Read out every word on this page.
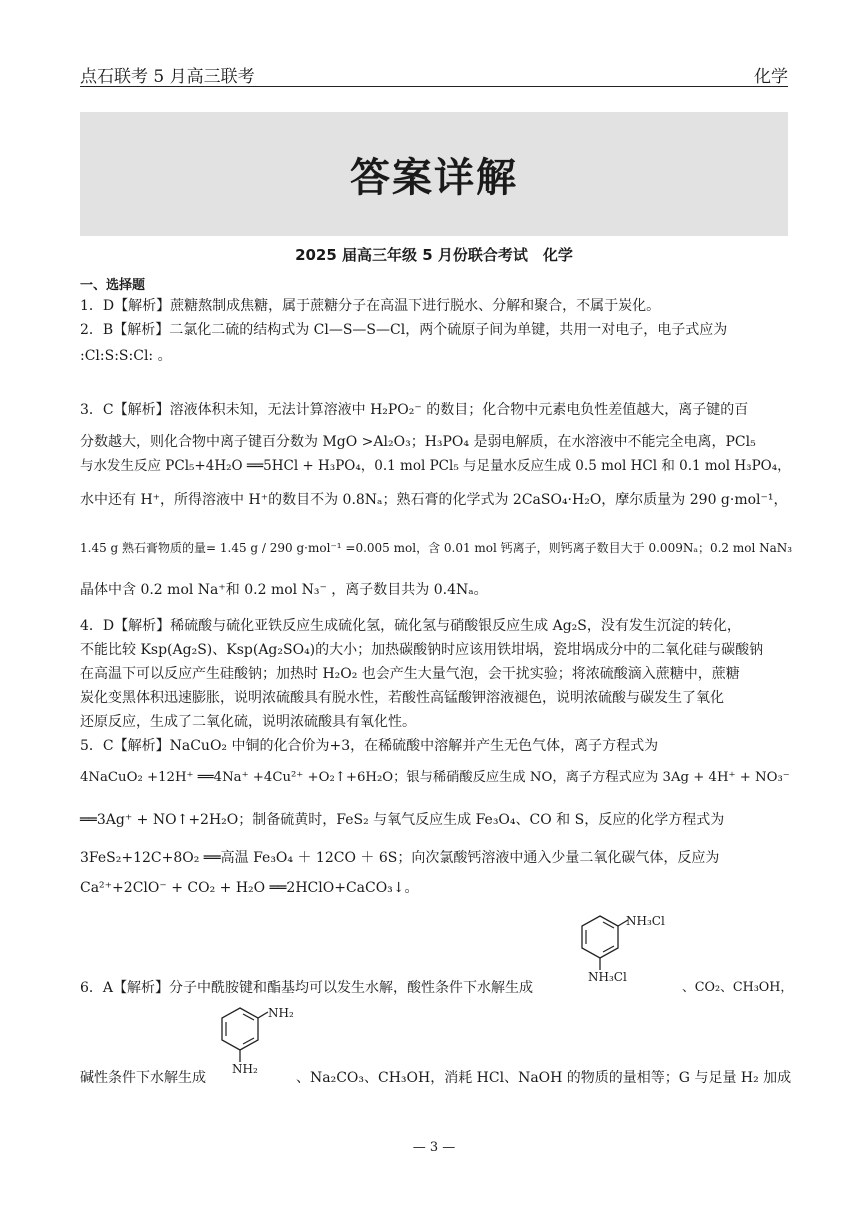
点石联考 5 月高三联考	化学
答案详解
2025 届高三年级 5 月份联合考试　化学
一、选择题
1．D【解析】蔗糖熬制成焦糖，属于蔗糖分子在高温下进行脱水、分解和聚合，不属于炭化。
2．B【解析】二氯化二硫的结构式为 Cl—S—S—Cl，两个硫原子间为单键，共用一对电子，电子式应为
:Cl:S:S:Cl: 。
3．C【解析】溶液体积未知，无法计算溶液中 H₂PO₂⁻ 的数目；化合物中元素电负性差值越大，离子键的百
分数越大，则化合物中离子键百分数为 MgO >Al₂O₃；H₃PO₄ 是弱电解质，在水溶液中不能完全电离，PCl₅
与水发生反应 PCl₅+4H₂O ══5HCl + H₃PO₄，0.1 mol PCl₅ 与足量水反应生成 0.5 mol HCl 和 0.1 mol H₃PO₄，
水中还有 H⁺，所得溶液中 H⁺的数目不为 0.8Nₐ；熟石膏的化学式为 2CaSO₄·H₂O，摩尔质量为 290 g·mol⁻¹，
1.45 g 熟石膏物质的量= 1.45 g / 290 g·mol⁻¹ =0.005 mol，含 0.01 mol 钙离子，则钙离子数目大于 0.009Nₐ；0.2 mol NaN₃
晶体中含 0.2 mol Na⁺和 0.2 mol N₃⁻ ，离子数目共为 0.4Nₐ。
4．D【解析】稀硫酸与硫化亚铁反应生成硫化氢，硫化氢与硝酸银反应生成 Ag₂S，没有发生沉淀的转化，
不能比较 Ksp(Ag₂S)、Ksp(Ag₂SO₄)的大小；加热碳酸钠时应该用铁坩埚，瓷坩埚成分中的二氧化硅与碳酸钠
在高温下可以反应产生硅酸钠；加热时 H₂O₂ 也会产生大量气泡，会干扰实验；将浓硫酸滴入蔗糖中，蔗糖
炭化变黑体积迅速膨胀，说明浓硫酸具有脱水性，若酸性高锰酸钾溶液褪色，说明浓硫酸与碳发生了氧化
还原反应，生成了二氧化硫，说明浓硫酸具有氧化性。
5．C【解析】NaCuO₂ 中铜的化合价为+3，在稀硫酸中溶解并产生无色气体，离子方程式为
4NaCuO₂ +12H⁺ ══4Na⁺ +4Cu²⁺ +O₂↑+6H₂O；银与稀硝酸反应生成 NO，离子方程式应为 3Ag + 4H⁺ + NO₃⁻
══3Ag⁺ + NO↑+2H₂O；制备硫黄时，FeS₂ 与氧气反应生成 Fe₃O₄、CO 和 S，反应的化学方程式为
3FeS₂+12C+8O₂ ══高温 Fe₃O₄ ＋ 12CO ＋ 6S；向次氯酸钙溶液中通入少量二氧化碳气体，反应为
Ca²⁺+2ClO⁻ + CO₂ + H₂O ══2HClO+CaCO₃↓。
NH₃Cl
NH₃Cl
6．A【解析】分子中酰胺键和酯基均可以发生水解，酸性条件下水解生成	、CO₂、CH₃OH，
NH₂
NH₂
碱性条件下水解生成	、Na₂CO₃、CH₃OH，消耗 HCl、NaOH 的物质的量相等；G 与足量 H₂ 加成
— 3 —
